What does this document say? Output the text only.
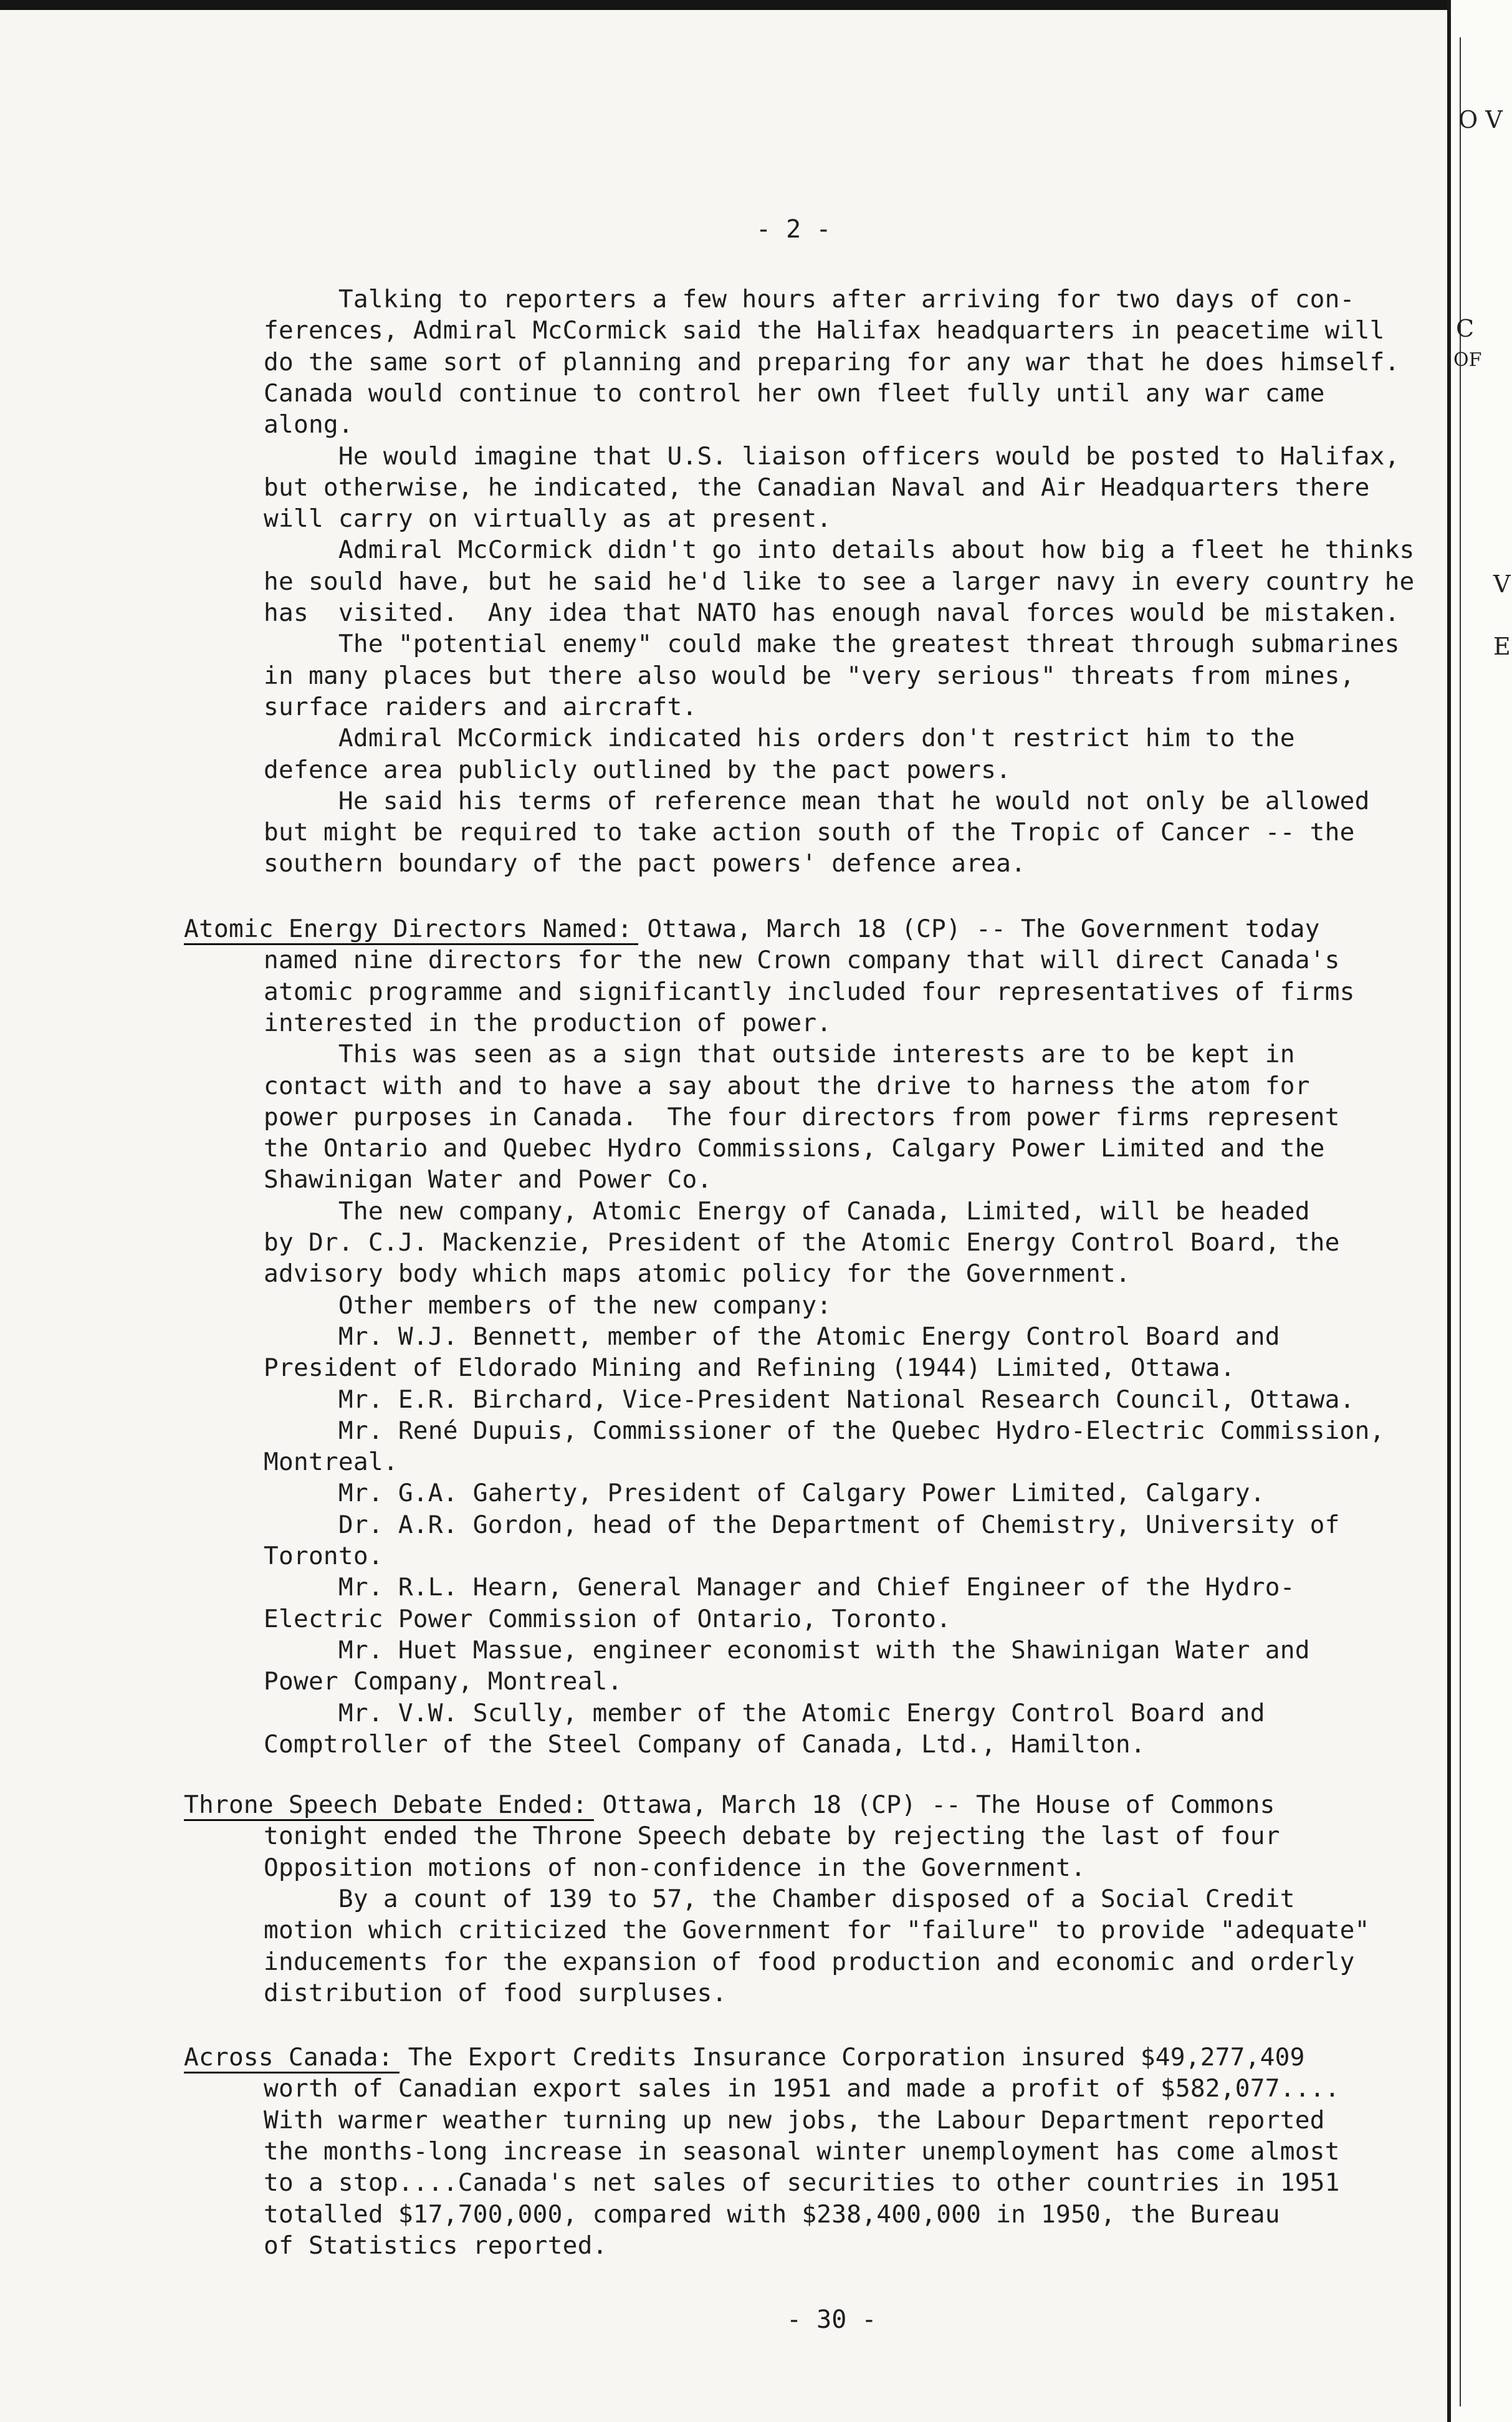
- 2 -
Talking to reporters a few hours after arriving for two days of con-
ferences, Admiral McCormick said the Halifax headquarters in peacetime will
do the same sort of planning and preparing for any war that he does himself.
Canada would continue to control her own fleet fully until any war came
along.
He would imagine that U.S. liaison officers would be posted to Halifax,
but otherwise, he indicated, the Canadian Naval and Air Headquarters there
will carry on virtually as at present.
Admiral McCormick didn't go into details about how big a fleet he thinks
he sould have, but he said he'd like to see a larger navy in every country he
has  visited.  Any idea that NATO has enough naval forces would be mistaken.
The "potential enemy" could make the greatest threat through submarines
in many places but there also would be "very serious" threats from mines,
surface raiders and aircraft.
Admiral McCormick indicated his orders don't restrict him to the
defence area publicly outlined by the pact powers.
He said his terms of reference mean that he would not only be allowed
but might be required to take action south of the Tropic of Cancer -- the
southern boundary of the pact powers' defence area.
Atomic Energy Directors Named: Ottawa, March 18 (CP) -- The Government today
named nine directors for the new Crown company that will direct Canada's
atomic programme and significantly included four representatives of firms
interested in the production of power.
This was seen as a sign that outside interests are to be kept in
contact with and to have a say about the drive to harness the atom for
power purposes in Canada.  The four directors from power firms represent
the Ontario and Quebec Hydro Commissions, Calgary Power Limited and the
Shawinigan Water and Power Co.
The new company, Atomic Energy of Canada, Limited, will be headed
by Dr. C.J. Mackenzie, President of the Atomic Energy Control Board, the
advisory body which maps atomic policy for the Government.
Other members of the new company:
Mr. W.J. Bennett, member of the Atomic Energy Control Board and
President of Eldorado Mining and Refining (1944) Limited, Ottawa.
Mr. E.R. Birchard, Vice-President National Research Council, Ottawa.
Mr. René Dupuis, Commissioner of the Quebec Hydro-Electric Commission,
Montreal.
Mr. G.A. Gaherty, President of Calgary Power Limited, Calgary.
Dr. A.R. Gordon, head of the Department of Chemistry, University of
Toronto.
Mr. R.L. Hearn, General Manager and Chief Engineer of the Hydro-
Electric Power Commission of Ontario, Toronto.
Mr. Huet Massue, engineer economist with the Shawinigan Water and
Power Company, Montreal.
Mr. V.W. Scully, member of the Atomic Energy Control Board and
Comptroller of the Steel Company of Canada, Ltd., Hamilton.
Throne Speech Debate Ended: Ottawa, March 18 (CP) -- The House of Commons
tonight ended the Throne Speech debate by rejecting the last of four
Opposition motions of non-confidence in the Government.
By a count of 139 to 57, the Chamber disposed of a Social Credit
motion which criticized the Government for "failure" to provide "adequate"
inducements for the expansion of food production and economic and orderly
distribution of food surpluses.
Across Canada: The Export Credits Insurance Corporation insured $49,277,409
worth of Canadian export sales in 1951 and made a profit of $582,077....
With warmer weather turning up new jobs, the Labour Department reported
the months-long increase in seasonal winter unemployment has come almost
to a stop....Canada's net sales of securities to other countries in 1951
totalled $17,700,000, compared with $238,400,000 in 1950, the Bureau
of Statistics reported.
- 30 -
O V
C
OF
V
E
